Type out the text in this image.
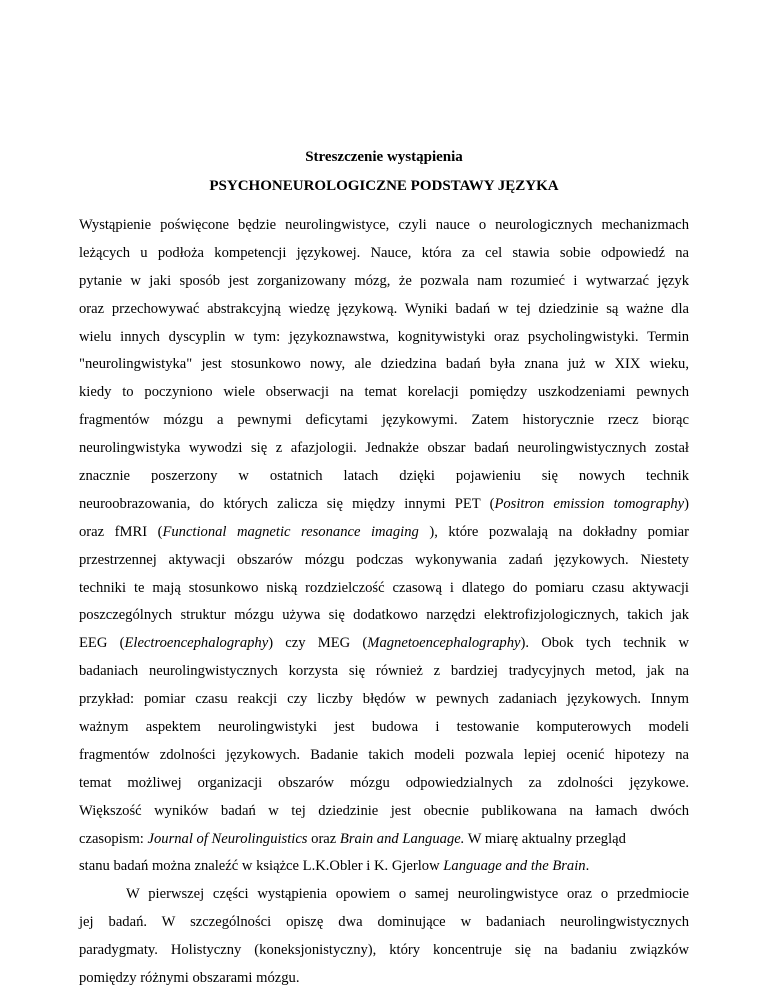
Streszczenie wystąpienia
PSYCHONEUROLOGICZNE PODSTAWY JĘZYKA
Wystąpienie poświęcone będzie neurolingwistyce, czyli nauce o neurologicznych mechanizmach
leżących u podłoża kompetencji językowej. Nauce, która za cel stawia sobie odpowiedź na
pytanie w jaki sposób jest zorganizowany mózg, że pozwala nam rozumieć i wytwarzać język
oraz przechowywać abstrakcyjną wiedzę językową. Wyniki badań w tej dziedzinie są ważne dla
wielu innych dyscyplin w tym: językoznawstwa, kognitywistyki oraz psycholingwistyki. Termin
"neurolingwistyka" jest stosunkowo nowy, ale dziedzina badań była znana już w XIX wieku,
kiedy to poczyniono wiele obserwacji na temat korelacji pomiędzy uszkodzeniami pewnych
fragmentów mózgu a pewnymi deficytami językowymi. Zatem historycznie rzecz biorąc
neurolingwistyka wywodzi się z afazjologii. Jednakże obszar badań neurolingwistycznych został
znacznie poszerzony w ostatnich latach dzięki pojawieniu się nowych technik
neuroobrazowania, do których zalicza się między innymi PET (Positron emission tomography)
oraz fMRI (Functional magnetic resonance imaging ), które pozwalają na dokładny pomiar
przestrzennej aktywacji obszarów mózgu podczas wykonywania zadań językowych. Niestety
techniki te mają stosunkowo niską rozdzielczość czasową i dlatego do pomiaru czasu aktywacji
poszczególnych struktur mózgu używa się dodatkowo narzędzi elektrofizjologicznych, takich jak
EEG (Electroencephalography) czy MEG (Magnetoencephalography). Obok tych technik w
badaniach neurolingwistycznych korzysta się również z bardziej tradycyjnych metod, jak na
przykład: pomiar czasu reakcji czy liczby błędów w pewnych zadaniach językowych. Innym
ważnym aspektem neurolingwistyki jest budowa i testowanie komputerowych modeli
fragmentów zdolności językowych. Badanie takich modeli pozwala lepiej ocenić hipotezy na
temat możliwej organizacji obszarów mózgu odpowiedzialnych za zdolności językowe.
Większość wyników badań w tej dziedzinie jest obecnie publikowana na łamach dwóch
czasopism: Journal of Neurolinguistics oraz Brain and Language. W miarę aktualny przegląd
stanu badań można znaleźć w książce L.K.Obler i K. Gjerlow Language and the Brain.
W pierwszej części wystąpienia opowiem o samej neurolingwistyce oraz o przedmiocie
jej badań. W szczególności opiszę dwa dominujące w badaniach neurolingwistycznych
paradygmaty. Holistyczny (koneksjonistyczny), który koncentruje się na badaniu związków
pomiędzy różnymi obszarami mózgu.
